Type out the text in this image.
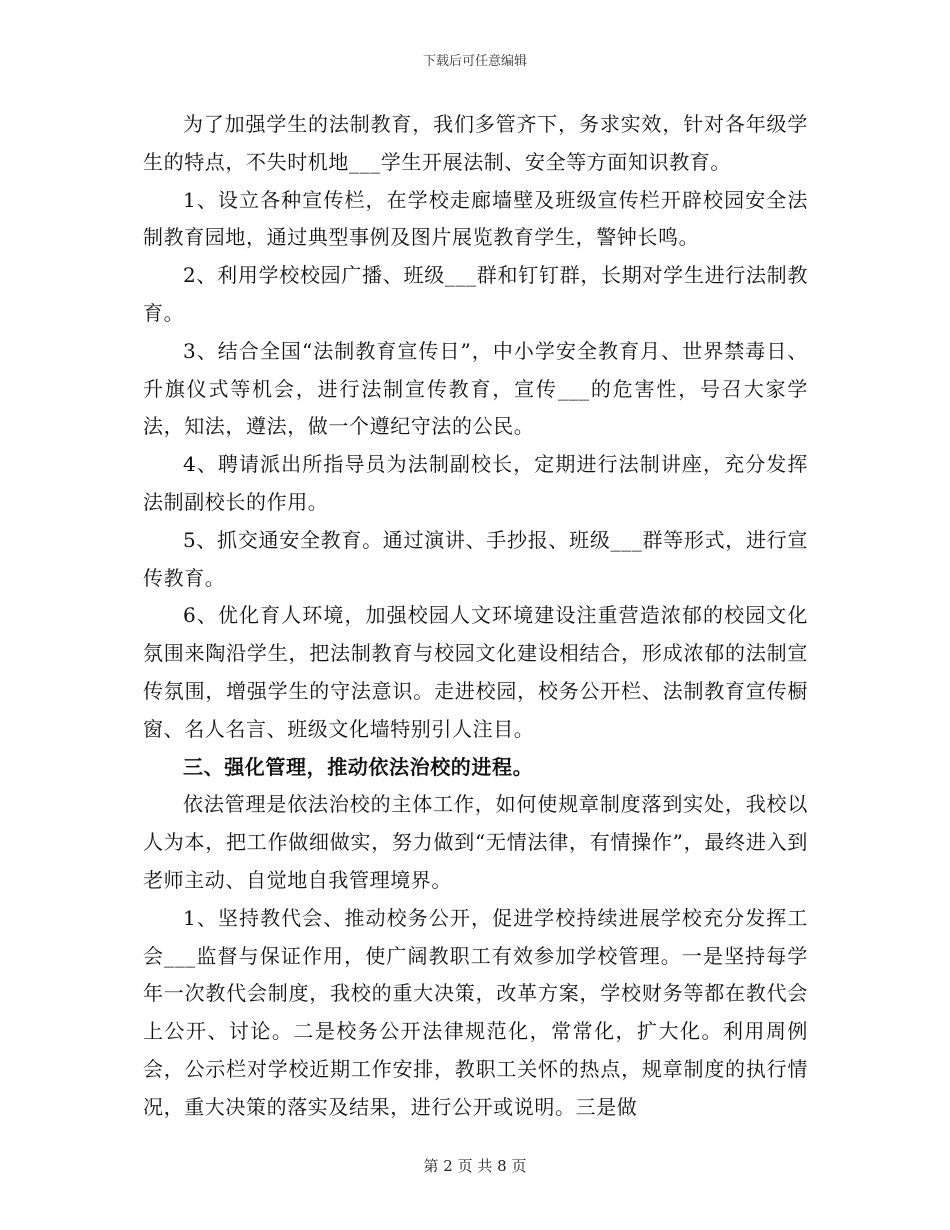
下载后可任意编辑

为了加强学生的法制教育，我们多管齐下，务求实效，针对各年级学生的特点，不失时机地___学生开展法制、安全等方面知识教育。

1、设立各种宣传栏，在学校走廊墙壁及班级宣传栏开辟校园安全法制教育园地，通过典型事例及图片展览教育学生，警钟长鸣。

2、利用学校校园广播、班级___群和钉钉群，长期对学生进行法制教育。

3、结合全国“法制教育宣传日”，中小学安全教育月、世界禁毒日、升旗仪式等机会，进行法制宣传教育，宣传___的危害性，号召大家学法，知法，遵法，做一个遵纪守法的公民。

4、聘请派出所指导员为法制副校长，定期进行法制讲座，充分发挥法制副校长的作用。

5、抓交通安全教育。通过演讲、手抄报、班级___群等形式，进行宣传教育。

6、优化育人环境，加强校园人文环境建设注重营造浓郁的校园文化氛围来陶沿学生，把法制教育与校园文化建设相结合，形成浓郁的法制宣传氛围，增强学生的守法意识。走进校园，校务公开栏、法制教育宣传橱窗、名人名言、班级文化墙特别引人注目。

三、强化管理，推动依法治校的进程。

依法管理是依法治校的主体工作，如何使规章制度落到实处，我校以人为本，把工作做细做实，努力做到“无情法律，有情操作”，最终进入到老师主动、自觉地自我管理境界。

1、坚持教代会、推动校务公开，促进学校持续进展学校充分发挥工会___监督与保证作用，使广阔教职工有效参加学校管理。一是坚持每学年一次教代会制度，我校的重大决策，改革方案，学校财务等都在教代会上公开、讨论。二是校务公开法律规范化，常常化，扩大化。利用周例会，公示栏对学校近期工作安排，教职工关怀的热点，规章制度的执行情况，重大决策的落实及结果，进行公开或说明。三是做

第 2 页 共 8 页
